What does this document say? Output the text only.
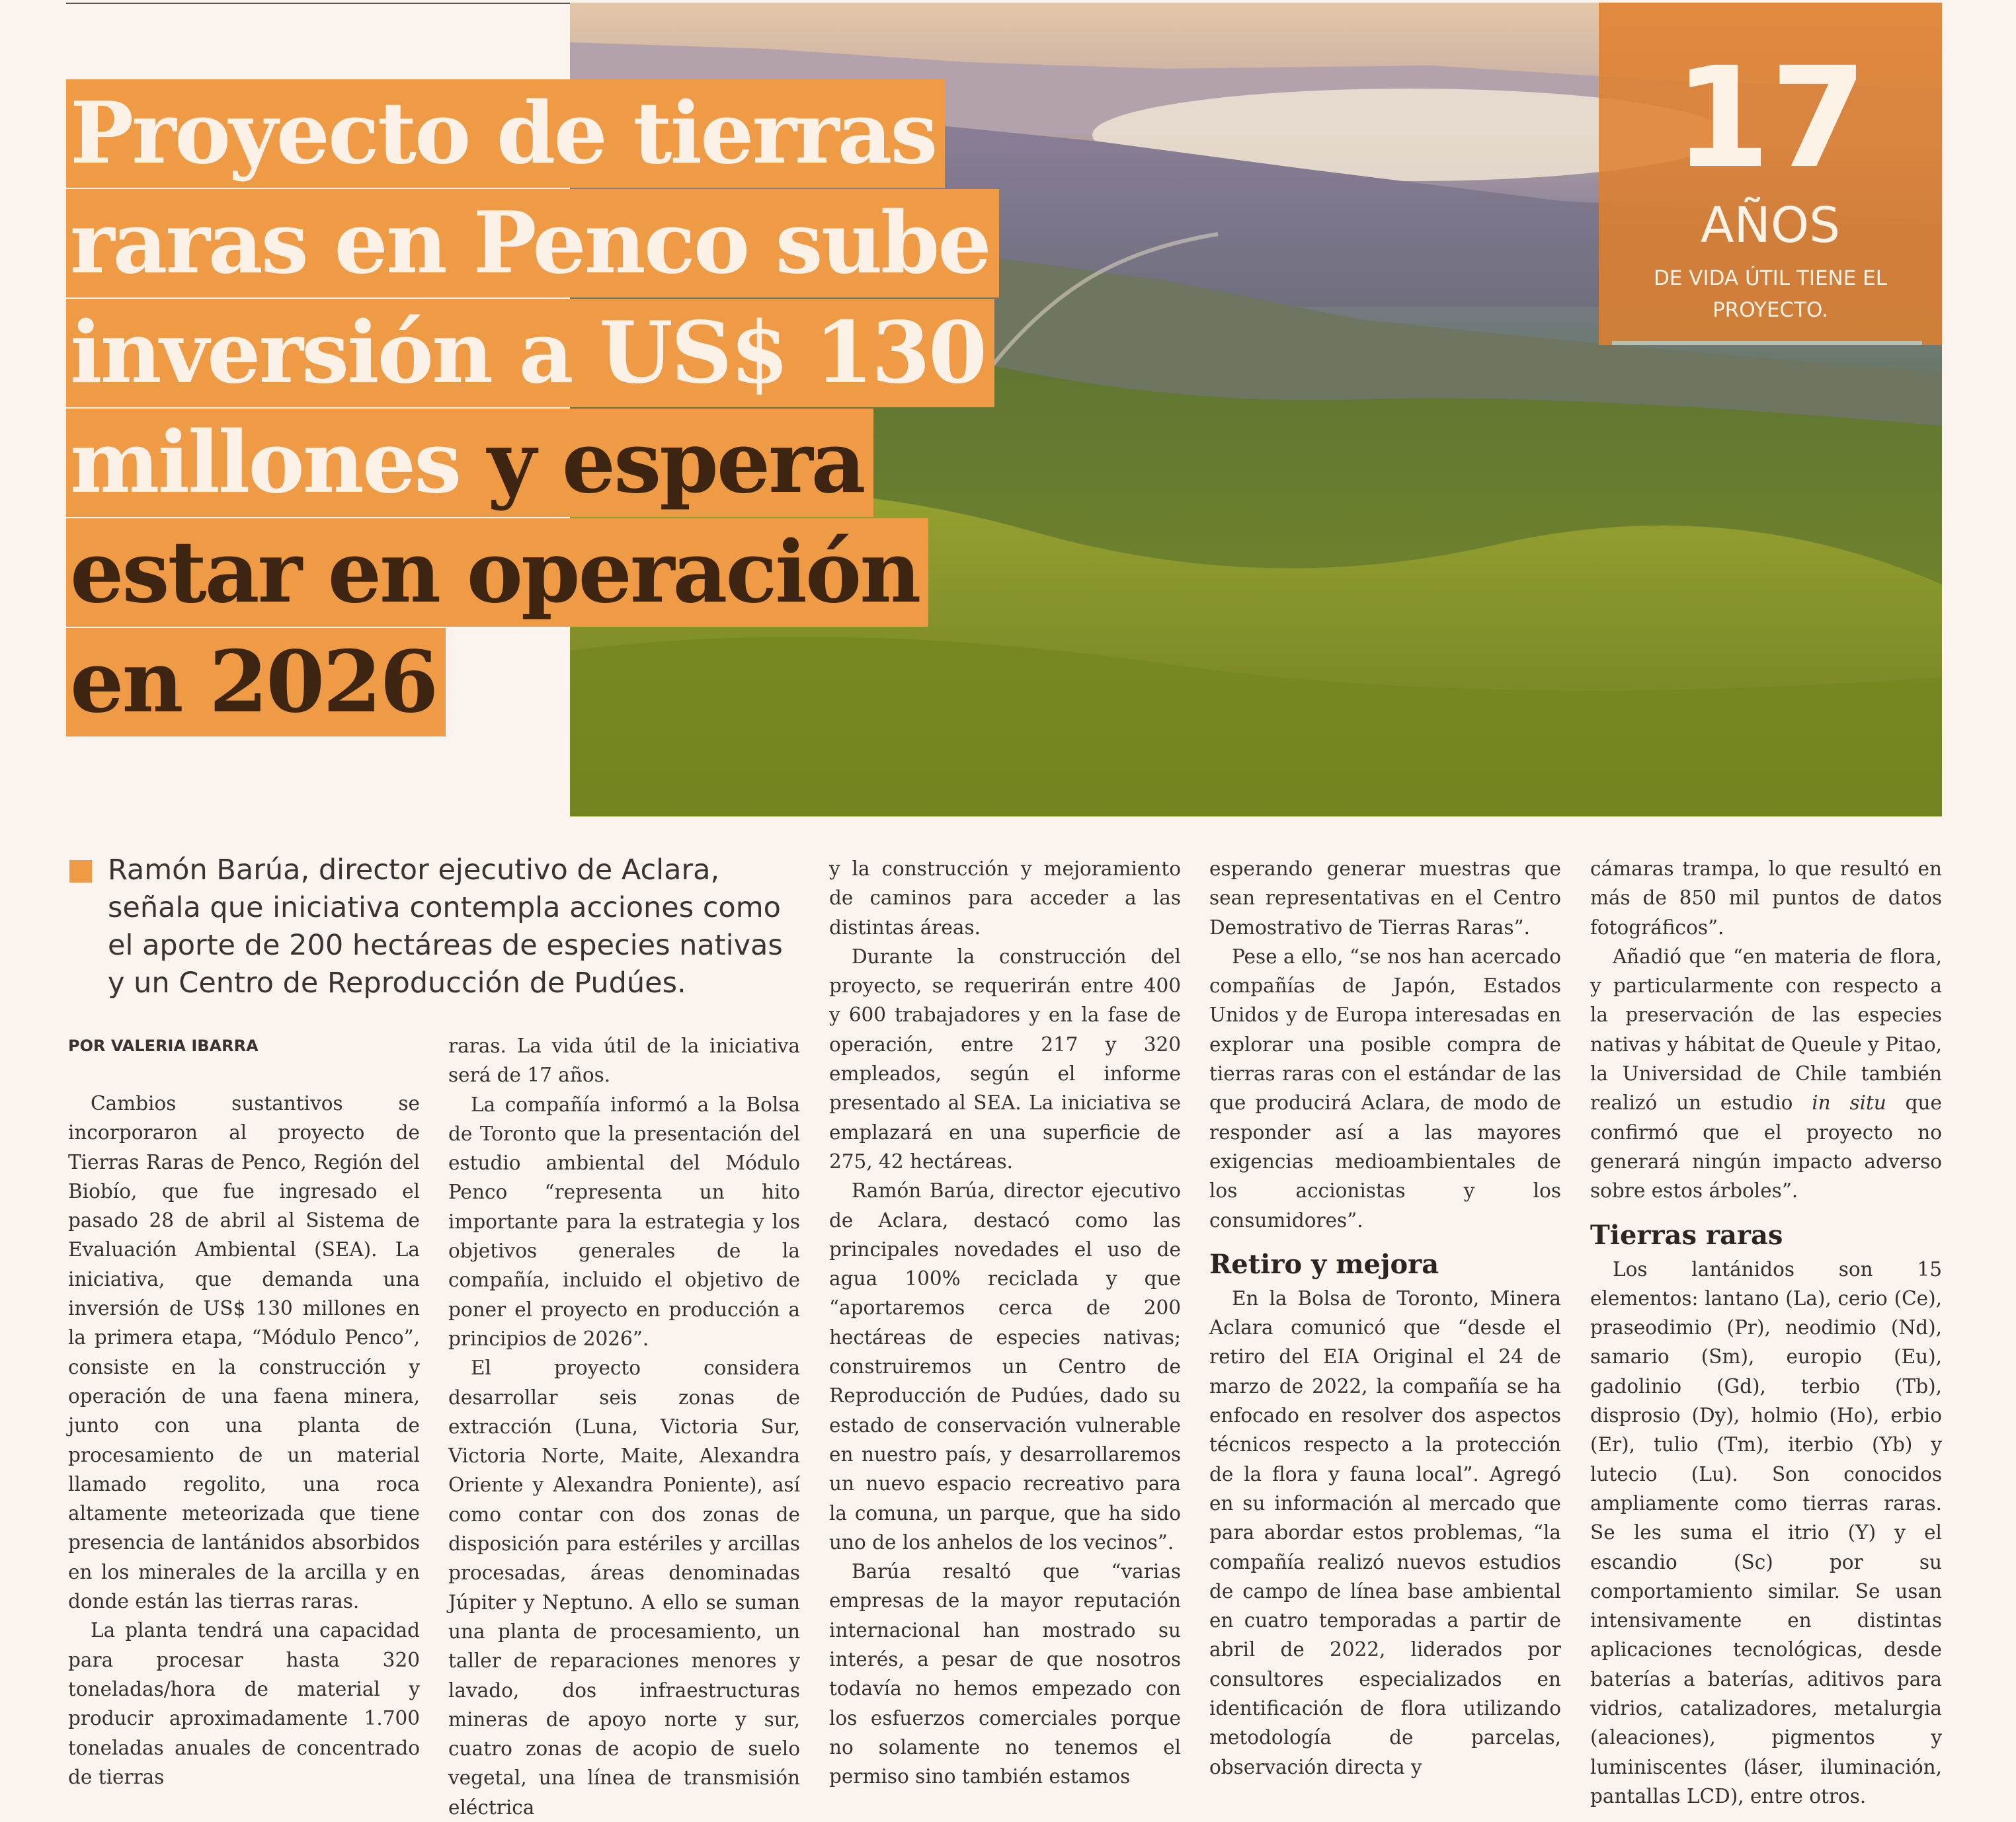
17
AÑOS
DE VIDA ÚTIL TIENE EL PROYECTO.
Proyecto de tierras
raras en Penco sube
inversión a US$ 130
millones y espera
estar en operación
en 2026

Ramón Barúa, director ejecutivo de Aclara, señala que iniciativa contempla acciones como el aporte de 200 hectáreas de especies nativas y un Centro de Reproducción de Pudúes.

POR VALERIA IBARRA

Cambios sustantivos se incorporaron al proyecto de Tierras Raras de Penco, Región del Biobío, que fue ingresado el pasado 28 de abril al Sistema de Evaluación Ambiental (SEA). La iniciativa, que demanda una inversión de US$ 130 millones en la primera etapa, “Módulo Penco”, consiste en la construcción y operación de una faena minera, junto con una planta de procesamiento de un material llamado regolito, una roca altamente meteorizada que tiene presencia de lantánidos absorbidos en los minerales de la arcilla y en donde están las tierras raras.

La planta tendrá una capacidad para procesar hasta 320 toneladas/hora de material y producir aproximadamente 1.700 toneladas anuales de concentrado de tierras

raras. La vida útil de la iniciativa será de 17 años.

La compañía informó a la Bolsa de Toronto que la presentación del estudio ambiental del Módulo Penco “representa un hito importante para la estrategia y los objetivos generales de la compañía, incluido el objetivo de poner el proyecto en producción a principios de 2026”.

El proyecto considera desarrollar seis zonas de extracción (Luna, Victoria Sur, Victoria Norte, Maite, Alexandra Oriente y Alexandra Poniente), así como contar con dos zonas de disposición para estériles y arcillas procesadas, áreas denominadas Júpiter y Neptuno. A ello se suman una planta de procesamiento, un taller de reparaciones menores y lavado, dos infraestructuras mineras de apoyo norte y sur, cuatro zonas de acopio de suelo vegetal, una línea de transmisión eléctrica

y la construcción y mejoramiento de caminos para acceder a las distintas áreas.

Durante la construcción del proyecto, se requerirán entre 400 y 600 trabajadores y en la fase de operación, entre 217 y 320 empleados, según el informe presentado al SEA. La iniciativa se emplazará en una superficie de 275, 42 hectáreas.

Ramón Barúa, director ejecutivo de Aclara, destacó como las principales novedades el uso de agua 100% reciclada y que “aportaremos cerca de 200 hectáreas de especies nativas; construiremos un Centro de Reproducción de Pudúes, dado su estado de conservación vulnerable en nuestro país, y desarrollaremos un nuevo espacio recreativo para la comuna, un parque, que ha sido uno de los anhelos de los vecinos”.

Barúa resaltó que “varias empresas de la mayor reputación internacional han mostrado su interés, a pesar de que nosotros todavía no hemos empezado con los esfuerzos comerciales porque no solamente no tenemos el permiso sino también estamos

esperando generar muestras que sean representativas en el Centro Demostrativo de Tierras Raras”.

Pese a ello, “se nos han acercado compañías de Japón, Estados Unidos y de Europa interesadas en explorar una posible compra de tierras raras con el estándar de las que producirá Aclara, de modo de responder así a las mayores exigencias medioambientales de los accionistas y los consumidores”.

Retiro y mejora

En la Bolsa de Toronto, Minera Aclara comunicó que “desde el retiro del EIA Original el 24 de marzo de 2022, la compañía se ha enfocado en resolver dos aspectos técnicos respecto a la protección de la flora y fauna local”. Agregó en su información al mercado que para abordar estos problemas, “la compañía realizó nuevos estudios de campo de línea base ambiental en cuatro temporadas a partir de abril de 2022, liderados por consultores especializados en identificación de flora utilizando metodología de parcelas, observación directa y

cámaras trampa, lo que resultó en más de 850 mil puntos de datos fotográficos”.

Añadió que “en materia de flora, y particularmente con respecto a la preservación de las especies nativas y hábitat de Queule y Pitao, la Universidad de Chile también realizó un estudio in situ que confirmó que el proyecto no generará ningún impacto adverso sobre estos árboles”.

Tierras raras

Los lantánidos son 15 elementos: lantano (La), cerio (Ce), praseodimio (Pr), neodimio (Nd), samario (Sm), europio (Eu), gadolinio (Gd), terbio (Tb), disprosio (Dy), holmio (Ho), erbio (Er), tulio (Tm), iterbio (Yb) y lutecio (Lu). Son conocidos ampliamente como tierras raras. Se les suma el itrio (Y) y el escandio (Sc) por su comportamiento similar. Se usan intensivamente en distintas aplicaciones tecnológicas, desde baterías a baterías, aditivos para vidrios, catalizadores, metalurgia (aleaciones), pigmentos y luminiscentes (láser, iluminación, pantallas LCD), entre otros.
